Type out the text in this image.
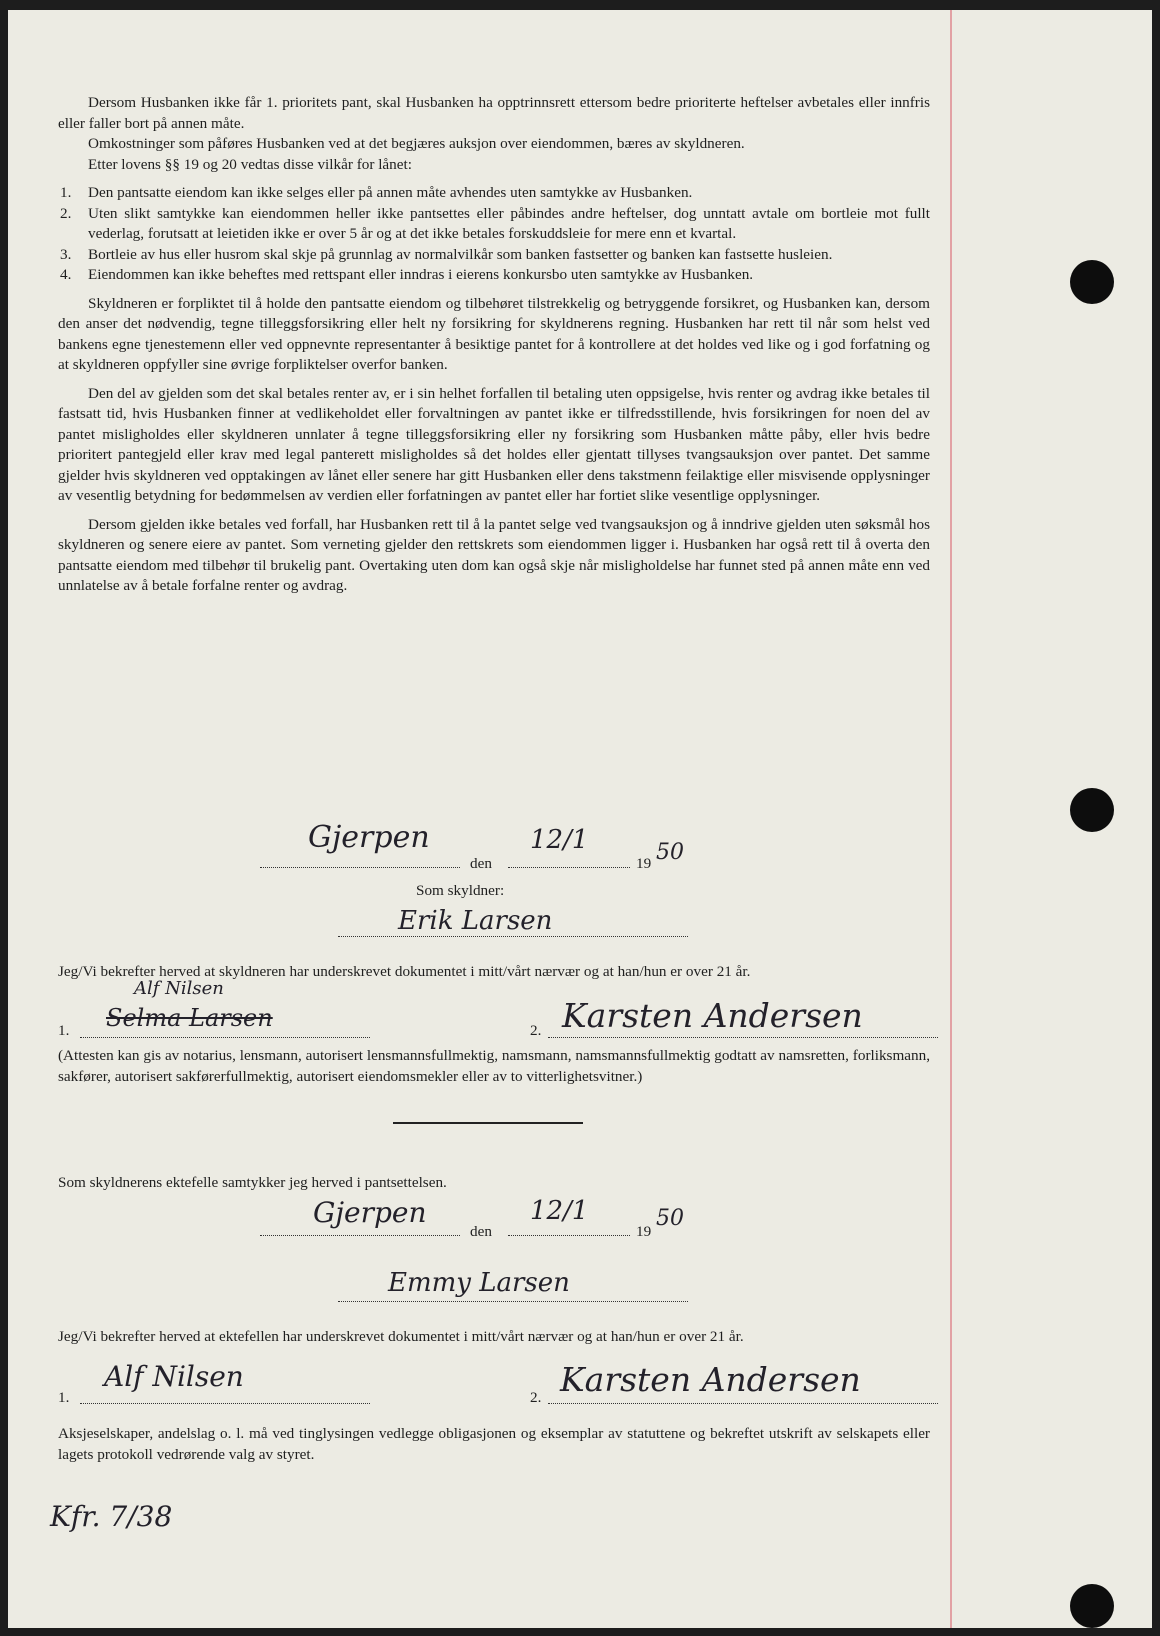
Dersom Husbanken ikke får 1. prioritets pant, skal Husbanken ha opptrinnsrett ettersom bedre prioriterte heftelser avbetales eller innfris eller faller bort på annen måte.

Omkostninger som påføres Husbanken ved at det begjæres auksjon over eiendommen, bæres av skyldneren.

Etter lovens §§ 19 og 20 vedtas disse vilkår for lånet:

1. Den pantsatte eiendom kan ikke selges eller på annen måte avhendes uten samtykke av Husbanken.
2. Uten slikt samtykke kan eiendommen heller ikke pantsettes eller påbindes andre heftelser, dog unntatt avtale om bortleie mot fullt vederlag, forutsatt at leietiden ikke er over 5 år og at det ikke betales forskuddsleie for mere enn et kvartal.
3. Bortleie av hus eller husrom skal skje på grunnlag av normalvilkår som banken fastsetter og banken kan fastsette husleien.
4. Eiendommen kan ikke beheftes med rettspant eller inndras i eierens konkursbo uten samtykke av Husbanken.

Skyldneren er forpliktet til å holde den pantsatte eiendom og tilbehøret tilstrekkelig og betryggende forsikret, og Husbanken kan, dersom den anser det nødvendig, tegne tilleggsforsikring eller helt ny forsikring for skyldnerens regning. Husbanken har rett til når som helst ved bankens egne tjenestemenn eller ved oppnevnte representanter å besiktige pantet for å kontrollere at det holdes ved like og i god forfatning og at skyldneren oppfyller sine øvrige forpliktelser overfor banken.

Den del av gjelden som det skal betales renter av, er i sin helhet forfallen til betaling uten oppsigelse, hvis renter og avdrag ikke betales til fastsatt tid, hvis Husbanken finner at vedlikeholdet eller forvaltningen av pantet ikke er tilfredsstillende, hvis forsikringen for noen del av pantet misligholdes eller skyldneren unnlater å tegne tilleggsforsikring eller ny forsikring som Husbanken måtte påby, eller hvis bedre prioritert pantegjeld eller krav med legal panterett misligholdes så det holdes eller gjentatt tillyses tvangsauksjon over pantet. Det samme gjelder hvis skyldneren ved opptakingen av lånet eller senere har gitt Husbanken eller dens takstmenn feilaktige eller misvisende opplysninger av vesentlig betydning for bedømmelsen av verdien eller forfatningen av pantet eller har fortiet slike vesentlige opplysninger.

Dersom gjelden ikke betales ved forfall, har Husbanken rett til å la pantet selge ved tvangsauksjon og å inndrive gjelden uten søksmål hos skyldneren og senere eiere av pantet. Som verneting gjelder den rettskrets som eiendommen ligger i. Husbanken har også rett til å overta den pantsatte eiendom med tilbehør til brukelig pant. Overtaking uten dom kan også skje når misligholdelse har funnet sted på annen måte enn ved unnlatelse av å betale forfalne renter og avdrag.

Gjerpen
den
12/1
19 50
Som skyldner:
Erik Larsen
Jeg/Vi bekrefter herved at skyldneren har underskrevet dokumentet i mitt/vårt nærvær og at han/hun er over 21 år.
1.
Alf Nilsen
Selma Larsen	2. Karsten Andersen
(Attesten kan gis av notarius, lensmann, autorisert lensmannsfullmektig, namsmann, namsmannsfullmektig godtatt av namsretten, forliksmann, sakfører, autorisert sakførerfullmektig, autorisert eiendomsmekler eller av to vitterlighetsvitner.)
Som skyldnerens ektefelle samtykker jeg herved i pantsettelsen.
Gjerpen
den
12/1
19
50
Emmy Larsen
Jeg/Vi bekrefter herved at ektefellen har underskrevet dokumentet i mitt/vårt nærvær og at han/hun er over 21 år.
1.
Alf Nilsen
2. Karsten Andersen
Aksjeselskaper, andelslag o. l. må ved tinglysingen vedlegge obligasjonen og eksemplar av statuttene og bekreftet utskrift av selskapets eller lagets protokoll vedrørende valg av styret.
Kfr. 7/38
